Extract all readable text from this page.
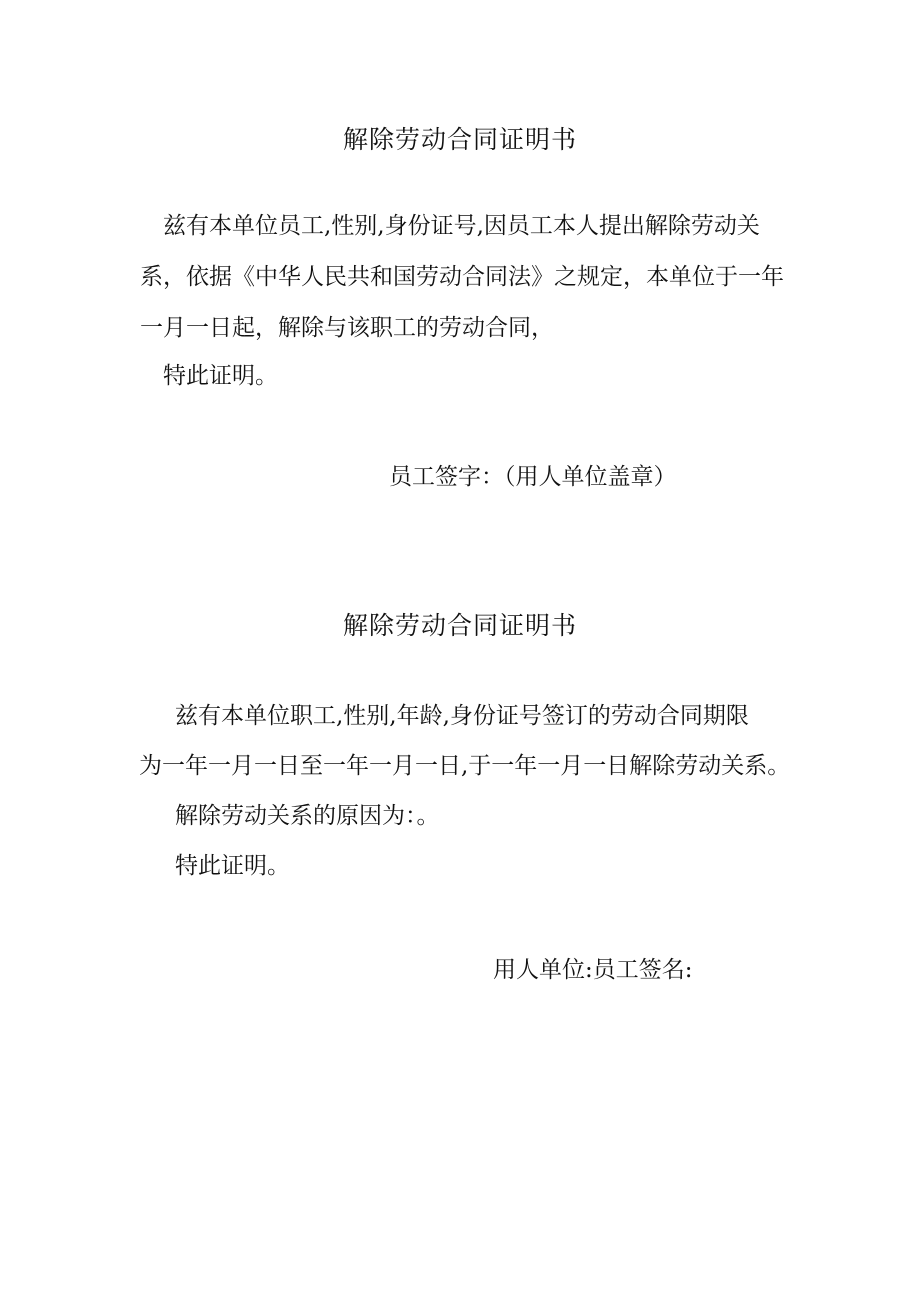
解除劳动合同证明书
兹有本单位员工,性别,身份证号,因员工本人提出解除劳动关
系，依据《中华人民共和国劳动合同法》之规定，本单位于一年
一月一日起，解除与该职工的劳动合同，
特此证明。
员工签字：（用人单位盖章）
解除劳动合同证明书
兹有本单位职工,性别,年龄,身份证号签订的劳动合同期限
为一年一月一日至一年一月一日,于一年一月一日解除劳动关系。
解除劳动关系的原因为：。
特此证明。
用人单位:员工签名:
